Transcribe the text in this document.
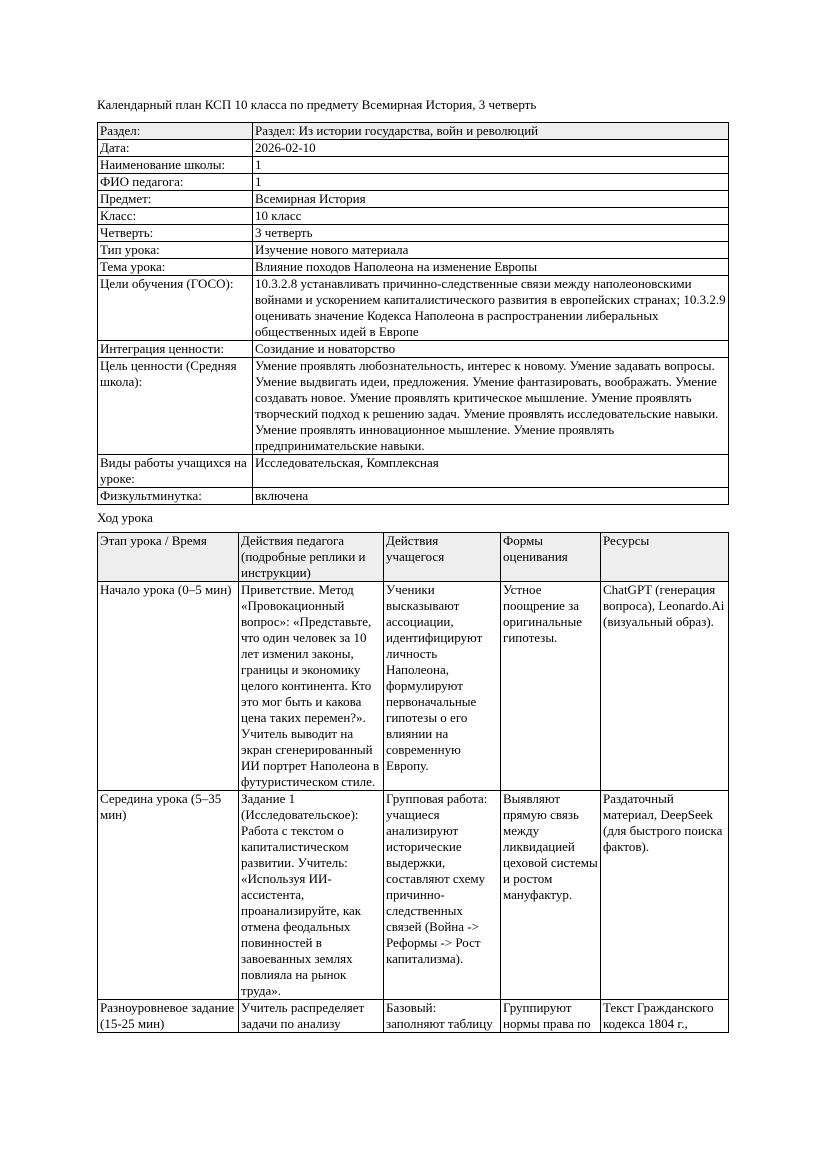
Календарный план КСП 10 класса по предмету Всемирная История, 3 четверть

Раздел:	Раздел: Из истории государства, войн и революций
Дата:	2026-02-10
Наименование школы:	1
ФИО педагога:	1
Предмет:	Всемирная История
Класс:	10 класс
Четверть:	3 четверть
Тип урока:	Изучение нового материала
Тема урока:	Влияние походов Наполеона на изменение Европы
Цели обучения (ГОСО):	10.3.2.8 устанавливать причинно-следственные связи между наполеоновскими войнами и ускорением капиталистического развития в европейских странах; 10.3.2.9 оценивать значение Кодекса Наполеона в распространении либеральных общественных идей в Европе
Интеграция ценности:	Созидание и новаторство
Цель ценности (Средняя школа):	Умение проявлять любознательность, интерес к новому. Умение задавать вопросы. Умение выдвигать идеи, предложения. Умение фантазировать, воображать. Умение создавать новое. Умение проявлять критическое мышление. Умение проявлять творческий подход к решению задач. Умение проявлять исследовательские навыки. Умение проявлять инновационное мышление. Умение проявлять предпринимательские навыки.
Виды работы учащихся на уроке:	Исследовательская, Комплексная
Физкультминутка:	включена

Ход урока

Этап урока / Время	Действия педагога (подробные реплики и инструкции)	Действия учащегося	Формы оценивания	Ресурсы
Начало урока (0–5 мин)	Приветствие. Метод «Провокационный вопрос»: «Представьте, что один человек за 10 лет изменил законы, границы и экономику целого континента. Кто это мог быть и какова цена таких перемен?». Учитель выводит на экран сгенерированный ИИ портрет Наполеона в футуристическом стиле.	Ученики высказывают ассоциации, идентифицируют личность Наполеона, формулируют первоначальные гипотезы о его влиянии на современную Европу.	Устное поощрение за оригинальные гипотезы.	ChatGPT (генерация вопроса), Leonardo.Ai (визуальный образ).
Середина урока (5–35 мин)	Задание 1 (Исследовательское): Работа с текстом о капиталистическом развитии. Учитель: «Используя ИИ-ассистента, проанализируйте, как отмена феодальных повинностей в завоеванных землях повлияла на рынок труда».	Групповая работа: учащиеся анализируют исторические выдержки, составляют схему причинно-следственных связей (Война -> Реформы -> Рост капитализма).	Выявляют прямую связь между ликвидацией цеховой системы и ростом мануфактур.	Раздаточный материал, DeepSeek (для быстрого поиска фактов).
Разноуровневое задание (15-25 мин)	Учитель распределяет задачи по анализу	Базовый: заполняют таблицу	Группируют нормы права по	Текст Гражданского кодекса 1804 г.,
